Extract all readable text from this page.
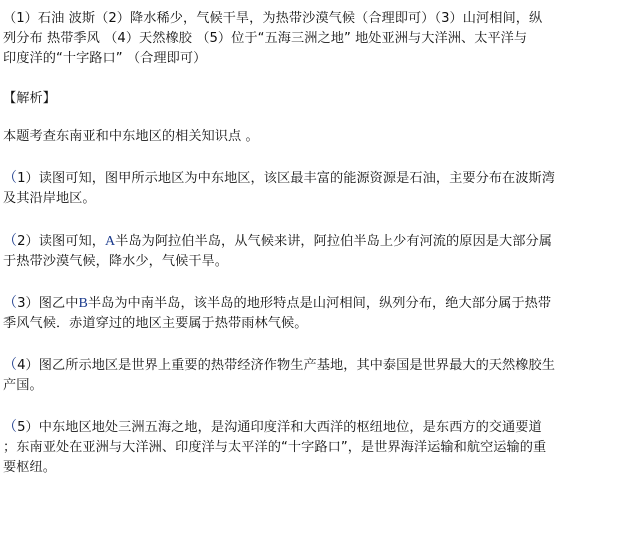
（1）石油 波斯（2）降水稀少，气候干旱，为热带沙漠气候（合理即可）（3）山河相间，纵
列分布 热带季风 （4）天然橡胶 （5）位于“五海三洲之地” 地处亚洲与大洋洲、太平洋与
印度洋的“十字路口” （合理即可）
【解析】
本题考查东南亚和中东地区的相关知识点 。
（1）读图可知，图甲所示地区为中东地区，该区最丰富的能源资源是石油，主要分布在波斯湾
及其沿岸地区。
（2）读图可知，A半岛为阿拉伯半岛，从气候来讲，阿拉伯半岛上少有河流的原因是大部分属
于热带沙漠气候，降水少，气候干旱。
（3）图乙中B半岛为中南半岛，该半岛的地形特点是山河相间，纵列分布，绝大部分属于热带
季风气候．赤道穿过的地区主要属于热带雨林气候。
（4）图乙所示地区是世界上重要的热带经济作物生产基地，其中泰国是世界最大的天然橡胶生
产国。
（5）中东地区地处三洲五海之地，是沟通印度洋和大西洋的枢纽地位，是东西方的交通要道
；东南亚处在亚洲与大洋洲、印度洋与太平洋的“十字路口”，是世界海洋运输和航空运输的重
要枢纽。
